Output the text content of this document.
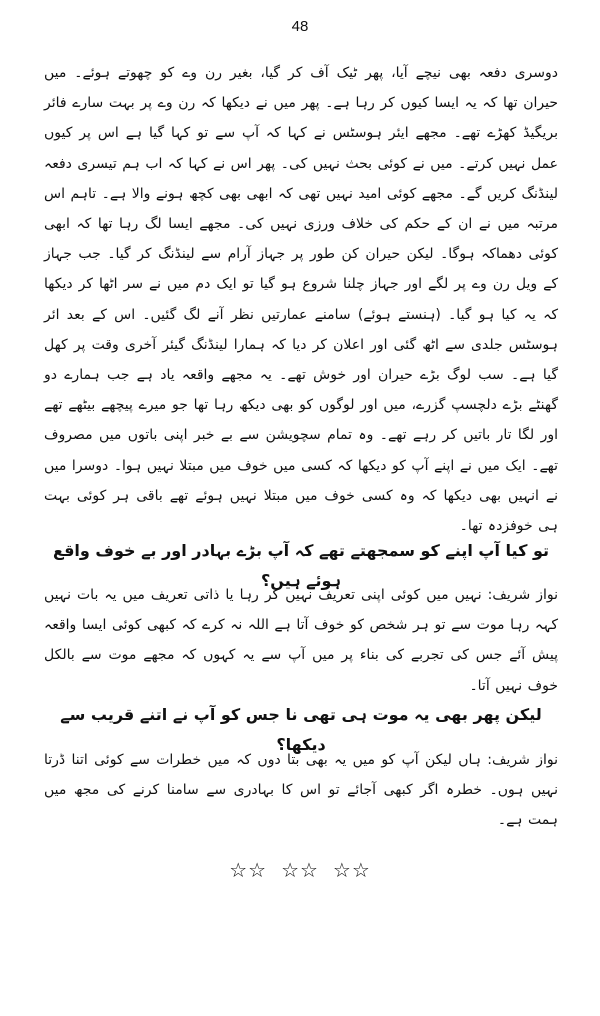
48

دوسری دفعہ بھی نیچے آیا، پھر ٹیک آف کر گیا، بغیر رن وے کو چھوتے ہوئے۔ میں حیران تھا کہ یہ ایسا کیوں کر رہا ہے۔ پھر میں نے دیکھا کہ رن وے پر بہت سارے فائر بریگیڈ کھڑے تھے۔ مجھے ایئر ہوسٹس نے کہا کہ آپ سے تو کہا گیا ہے اس پر کیوں عمل نہیں کرتے۔ میں نے کوئی بحث نہیں کی۔ پھر اس نے کہا کہ اب ہم تیسری دفعہ لینڈنگ کریں گے۔ مجھے کوئی امید نہیں تھی کہ ابھی بھی کچھ ہونے والا ہے۔ تاہم اس مرتبہ میں نے ان کے حکم کی خلاف ورزی نہیں کی۔ مجھے ایسا لگ رہا تھا کہ ابھی کوئی دھماکہ ہوگا۔ لیکن حیران کن طور پر جہاز آرام سے لینڈنگ کر گیا۔ جب جہاز کے ویل رن وے پر لگے اور جہاز چلنا شروع ہو گیا تو ایک دم میں نے سر اٹھا کر دیکھا کہ یہ کیا ہو گیا۔ (ہنستے ہوئے) سامنے عمارتیں نظر آنے لگ گئیں۔ اس کے بعد ائر ہوسٹس جلدی سے اٹھ گئی اور اعلان کر دیا کہ ہمارا لینڈنگ گیئر آخری وقت پر کھل گیا ہے۔ سب لوگ بڑے حیران اور خوش تھے۔ یہ مجھے واقعہ یاد ہے جب ہمارے دو گھنٹے بڑے دلچسپ گزرے، میں اور لوگوں کو بھی دیکھ رہا تھا جو میرے پیچھے بیٹھے تھے اور لگا تار باتیں کر رہے تھے۔ وہ تمام سچویشن سے بے خبر اپنی باتوں میں مصروف تھے۔ ایک میں نے اپنے آپ کو دیکھا کہ کسی میں خوف میں مبتلا نہیں ہوا۔ دوسرا میں نے انہیں بھی دیکھا کہ وہ کسی خوف میں مبتلا نہیں ہوئے تھے باقی ہر کوئی بہت ہی خوفزدہ تھا۔

تو کیا آپ اپنے کو سمجھتے تھے کہ آپ بڑے بہادر اور بے خوف واقع ہوئے ہیں؟

نواز شریف: نہیں میں کوئی اپنی تعریف نہیں کر رہا یا ذاتی تعریف میں یہ بات نہیں کہہ رہا موت سے تو ہر شخص کو خوف آتا ہے اللہ نہ کرے کہ کبھی کوئی ایسا واقعہ پیش آئے جس کی تجربے کی بناء پر میں آپ سے یہ کہوں کہ مجھے موت سے بالکل خوف نہیں آتا۔

لیکن پھر بھی یہ موت ہی تھی نا جس کو آپ نے اتنے قریب سے دیکھا؟

نواز شریف: ہاں لیکن آپ کو میں یہ بھی بتا دوں کہ میں خطرات سے کوئی اتنا ڈرتا نہیں ہوں۔ خطرہ اگر کبھی آجائے تو اس کا بہادری سے سامنا کرنے کی مجھ میں ہمت ہے۔

☆☆ ☆☆ ☆☆
